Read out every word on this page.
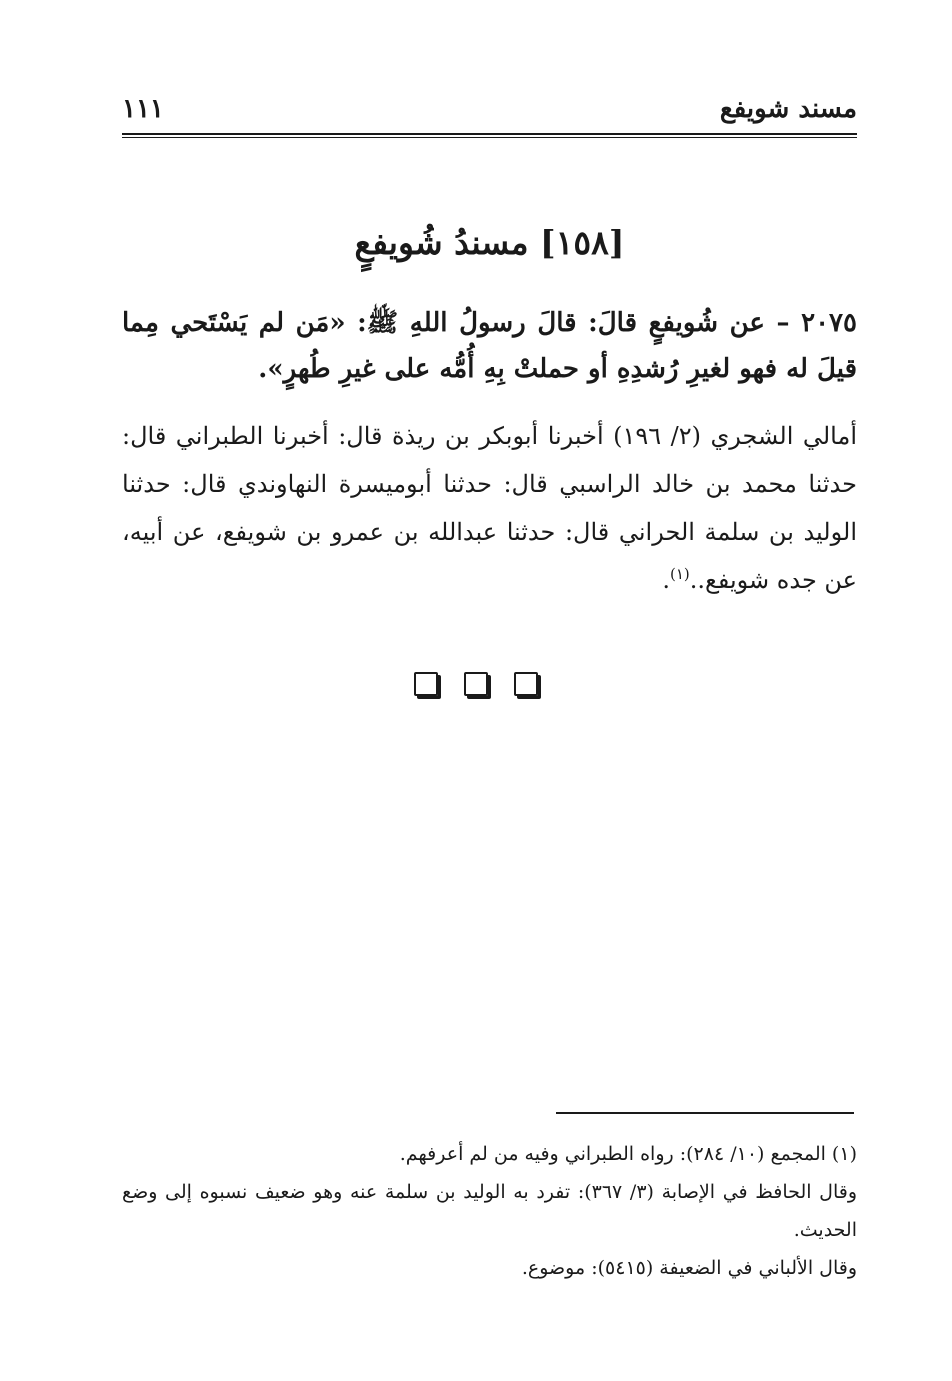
مسند شويفع
١١١
[١٥٨] مسندُ شُويفعٍ
٢٠٧٥ – عن شُويفعٍ قالَ: قالَ رسولُ اللهِ ﷺ: «مَن لم يَسْتَحي مِما قيلَ له فهو لغيرِ رُشدِهِ أو حملتْ بِهِ أُمُّه على غيرِ طُهرٍ».
أمالي الشجري (٢/ ١٩٦) أخبرنا أبوبكر بن ريذة قال: أخبرنا الطبراني قال: حدثنا محمد بن خالد الراسبي قال: حدثنا أبوميسرة النهاوندي قال: حدثنا الوليد بن سلمة الحراني قال: حدثنا عبدالله بن عمرو بن شويفع، عن أبيه، عن جده شويفع..$^{(١)}$.

(١) المجمع (١٠/ ٢٨٤): رواه الطبراني وفيه من لم أعرفهم.

وقال الحافظ في الإصابة (٣/ ٣٦٧): تفرد به الوليد بن سلمة عنه وهو ضعيف نسبوه إلى وضع الحديث.

وقال الألباني في الضعيفة (٥٤١٥): موضوع.
